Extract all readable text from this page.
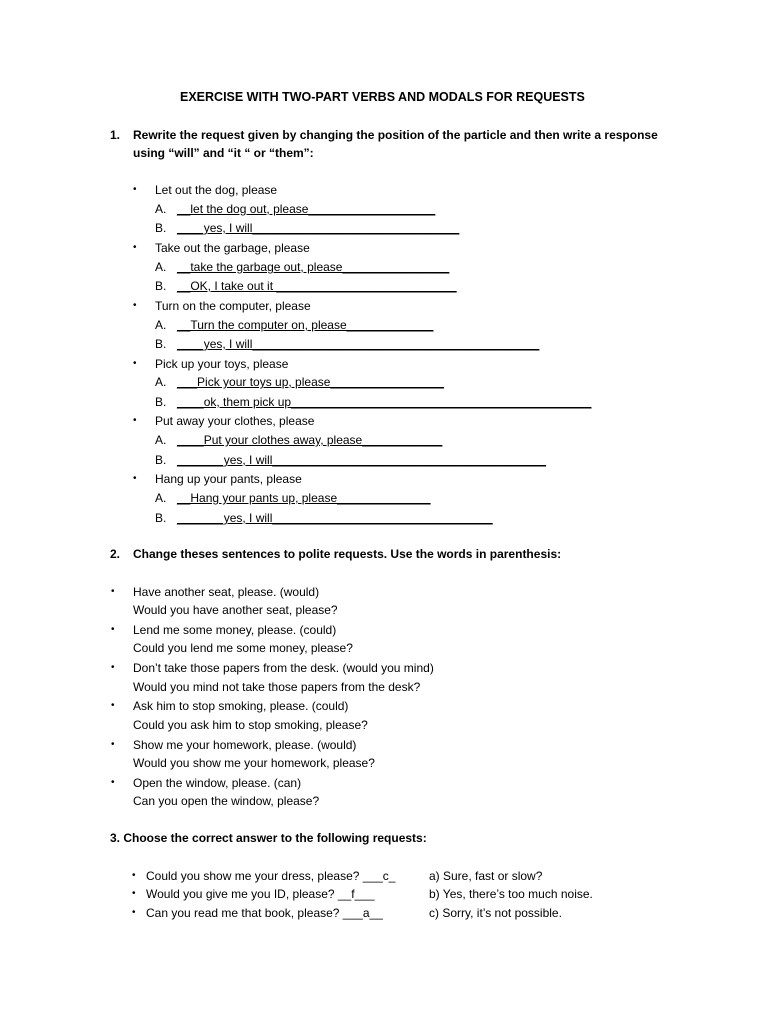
EXERCISE WITH TWO-PART VERBS AND MODALS FOR REQUESTS
1. Rewrite the request given by changing the position of the particle and then write a response
using “will” and “it “ or “them”:
• Let out the dog, please
A. __let the dog out, please___________________
B. ____yes, I will_______________________________
• Take out the garbage, please
A. __take the garbage out, please________________
B. __OK, I take out it ___________________________
• Turn on the computer, please
A. __Turn the computer on, please_____________
B. ____yes, I will___________________________________________
• Pick up your toys, please
A. ___Pick your toys up, please_________________
B. ____ok, them pick up_____________________________________________
• Put away your clothes, please
A. ____Put your clothes away, please____________
B. _______yes, I will_________________________________________
• Hang up your pants, please
A. __Hang your pants up, please______________
B. _______yes, I will_________________________________
2. Change theses sentences to polite requests. Use the words in parenthesis:
• Have another seat, please. (would)
Would you have another seat, please?
• Lend me some money, please. (could)
Could you lend me some money, please?
• Don’t take those papers from the desk. (would you mind)
Would you mind not take those papers from the desk?
• Ask him to stop smoking, please. (could)
Could you ask him to stop smoking, please?
• Show me your homework, please. (would)
Would you show me your homework, please?
• Open the window, please. (can)
Can you open the window, please?
3. Choose the correct answer to the following requests:
• Could you show me your dress, please? ___c_	a) Sure, fast or slow?
• Would you give me you ID, please? __f___	b) Yes, there’s too much noise.
• Can you read me that book, please? ___a__	c) Sorry, it’s not possible.
